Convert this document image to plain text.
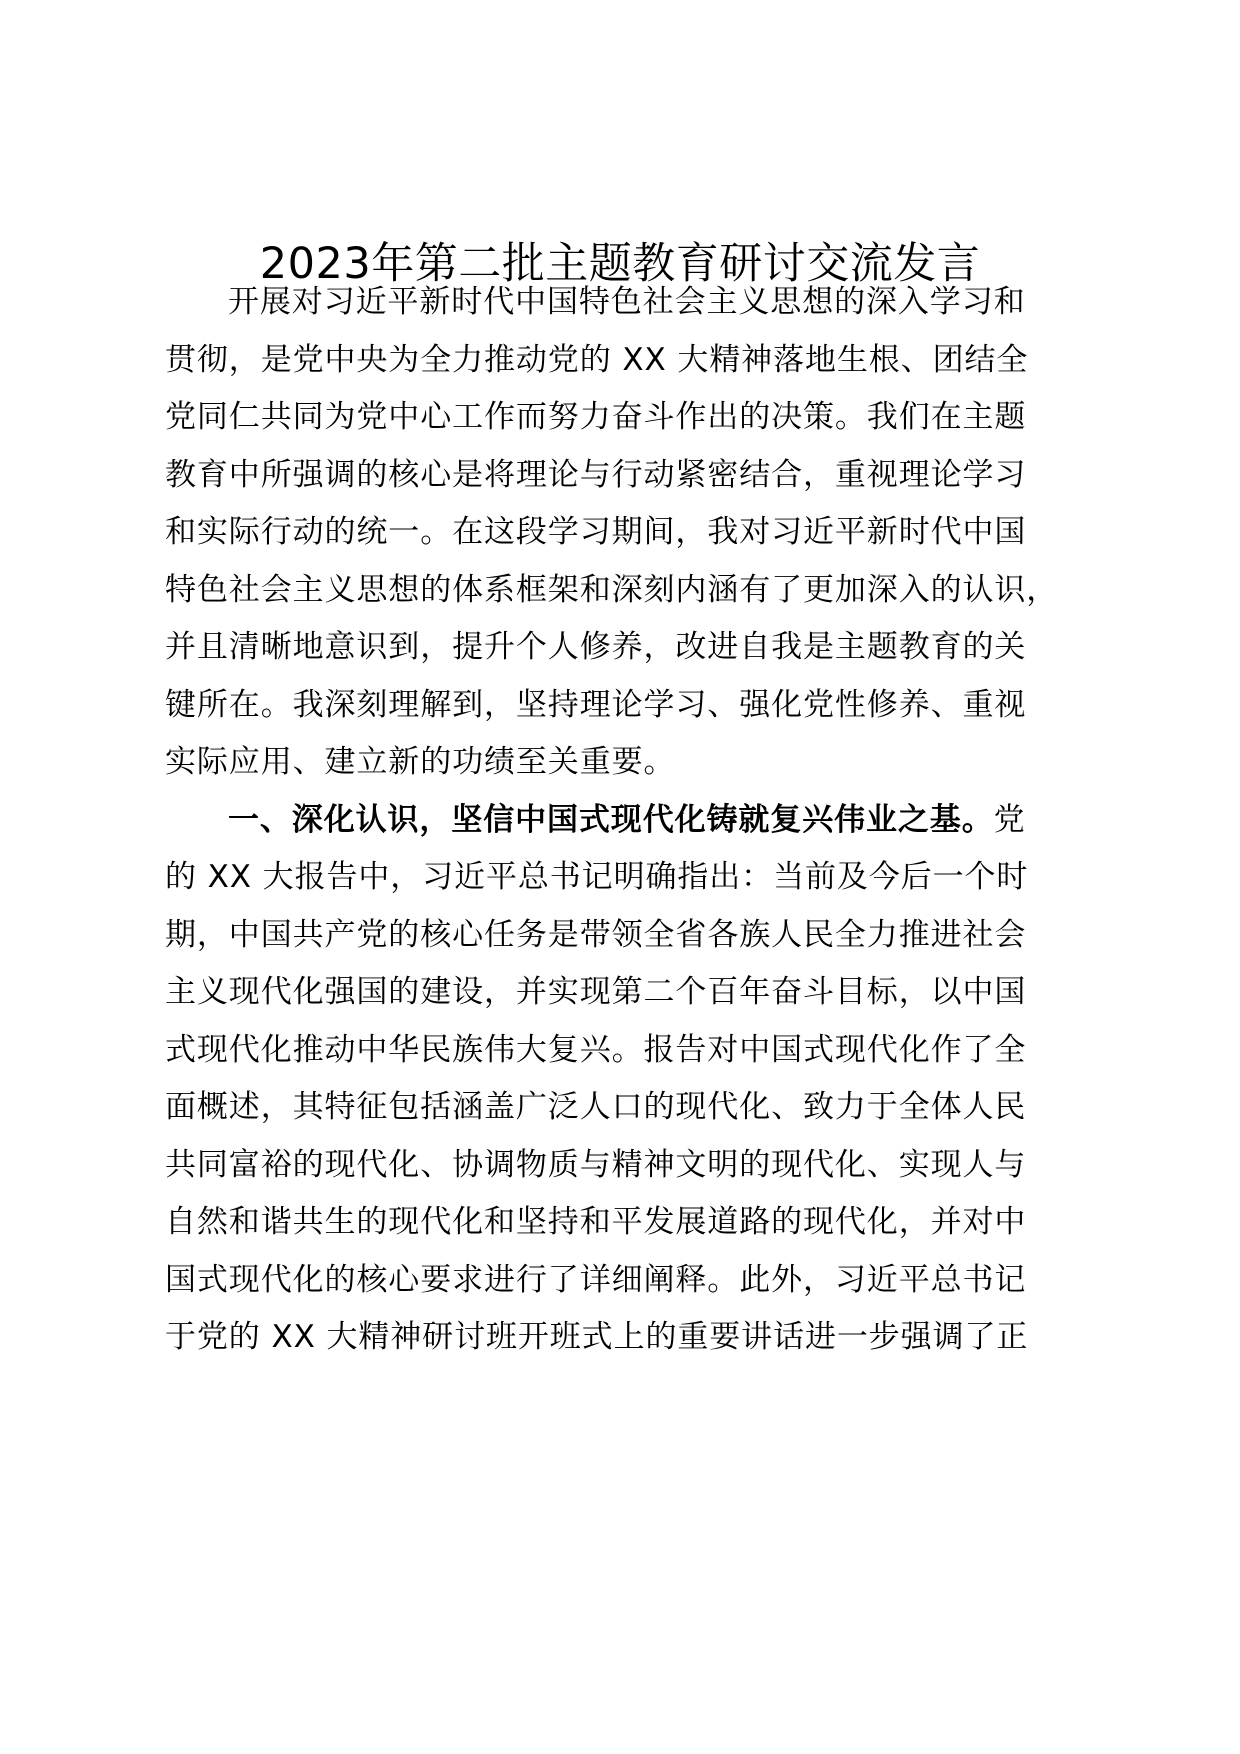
2023年第二批主题教育研讨交流发言
开展对习近平新时代中国特色社会主义思想的深入学习和
贯彻，是党中央为全力推动党的 XX 大精神落地生根、团结全
党同仁共同为党中心工作而努力奋斗作出的决策。我们在主题
教育中所强调的核心是将理论与行动紧密结合，重视理论学习
和实际行动的统一。在这段学习期间，我对习近平新时代中国
特色社会主义思想的体系框架和深刻内涵有了更加深入的认识，
并且清晰地意识到，提升个人修养，改进自我是主题教育的关
键所在。我深刻理解到，坚持理论学习、强化党性修养、重视
实际应用、建立新的功绩至关重要。
一、深化认识，坚信中国式现代化铸就复兴伟业之基。党
的 XX 大报告中，习近平总书记明确指出：当前及今后一个时
期，中国共产党的核心任务是带领全省各族人民全力推进社会
主义现代化强国的建设，并实现第二个百年奋斗目标，以中国
式现代化推动中华民族伟大复兴。报告对中国式现代化作了全
面概述，其特征包括涵盖广泛人口的现代化、致力于全体人民
共同富裕的现代化、协调物质与精神文明的现代化、实现人与
自然和谐共生的现代化和坚持和平发展道路的现代化，并对中
国式现代化的核心要求进行了详细阐释。此外，习近平总书记
于党的 XX 大精神研讨班开班式上的重要讲话进一步强调了正
